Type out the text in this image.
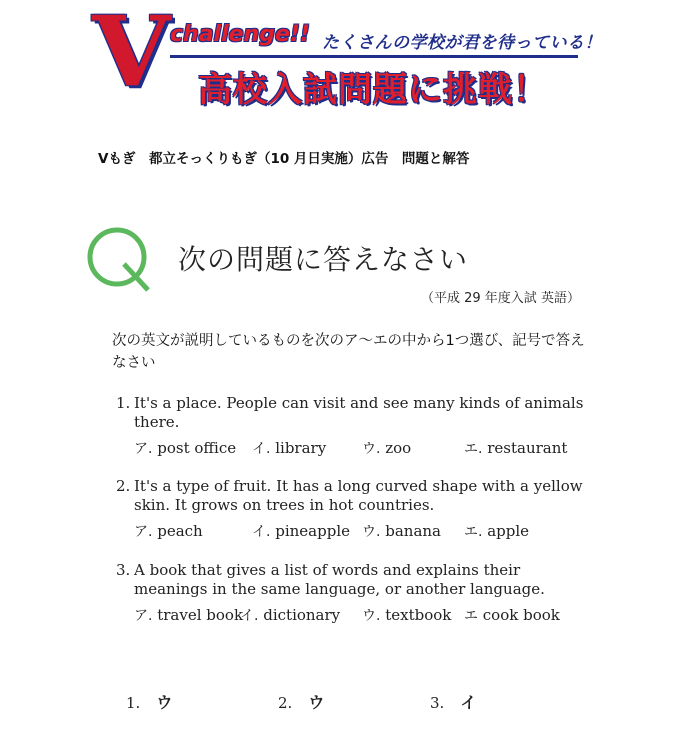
V challenge!! たくさんの学校が君を待っている！
高校入試問題に挑戦！
Vもぎ　都立そっくりもぎ（10 月日実施）広告　問題と解答
次の問題に答えなさい
（平成 29 年度入試 英語）
次の英文が説明しているものを次のア～エの中から1つ選び、記号で答えなさい
1. It's a place. People can visit and see many kinds of animals there.
ア. post office イ. library	ウ. zoo	エ. restaurant
2. It's a type of fruit. It has a long curved shape with a yellow skin. It grows on trees in hot countries.
ア. peach	イ. pineapple ウ. banana エ. apple
3. A book that gives a list of words and explains their meanings in the same language, or another language.
ア. travel book
イ. dictionary ウ. textbook エ cook book
1. ウ	2. ウ	3. イ
